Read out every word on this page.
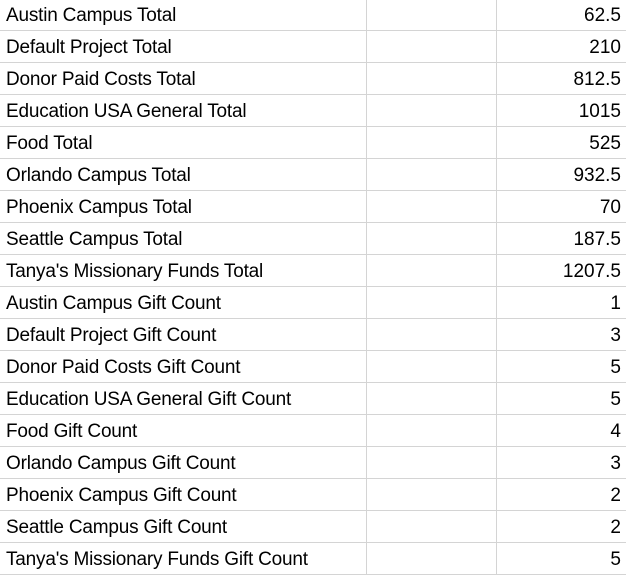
Austin Campus Total		62.5
Default Project Total		210
Donor Paid Costs Total		812.5
Education USA General Total		1015
Food Total		525
Orlando Campus Total		932.5
Phoenix Campus Total		70
Seattle Campus Total		187.5
Tanya's Missionary Funds Total		1207.5
Austin Campus Gift Count		1
Default Project Gift Count		3
Donor Paid Costs Gift Count		5
Education USA General Gift Count		5
Food Gift Count		4
Orlando Campus Gift Count		3
Phoenix Campus Gift Count		2
Seattle Campus Gift Count		2
Tanya's Missionary Funds Gift Count		5
